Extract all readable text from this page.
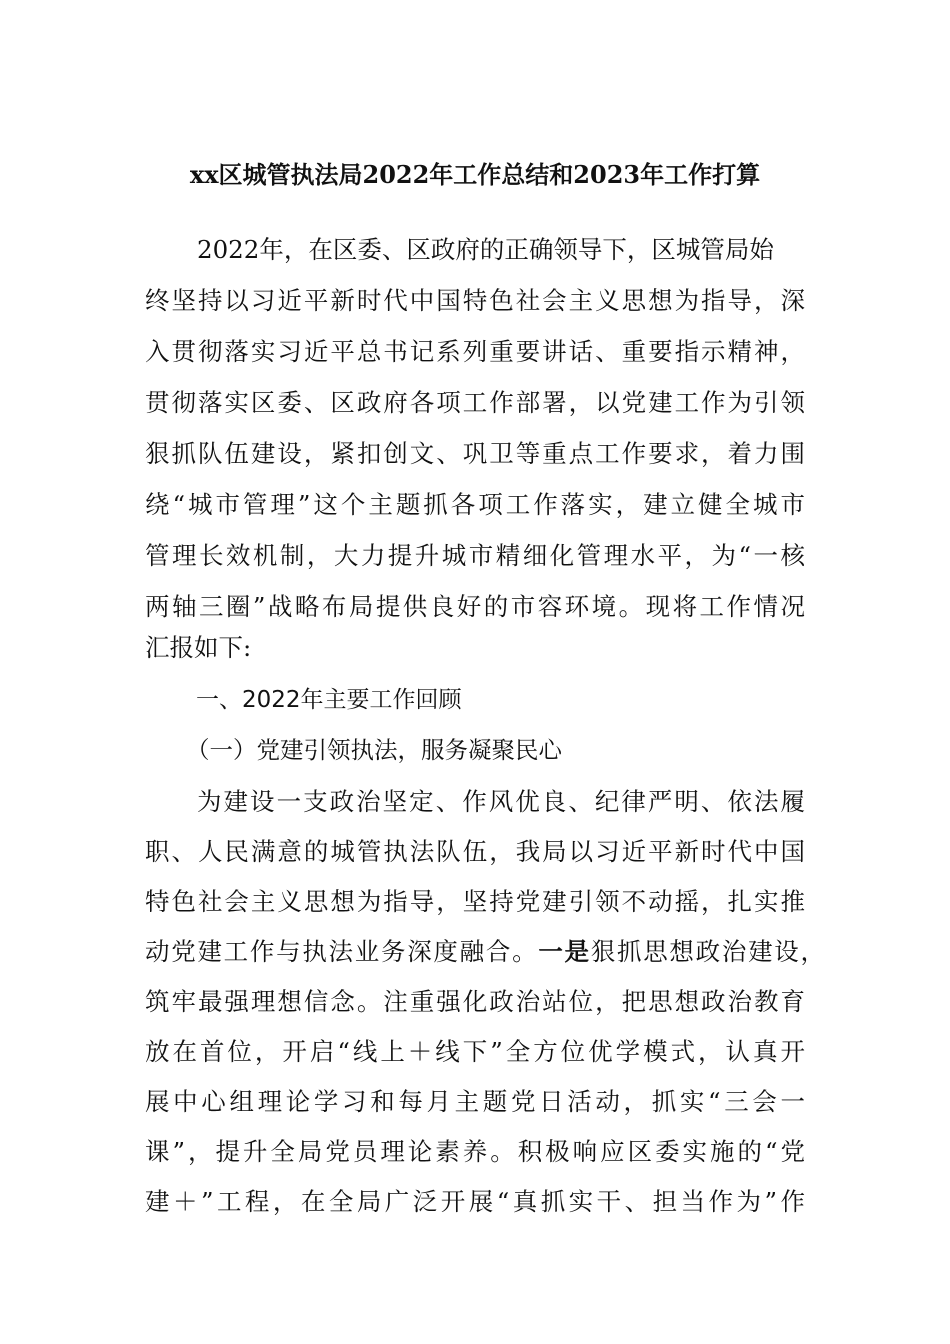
xx区城管执法局2022年工作总结和2023年工作打算
2022年，在区委、区政府的正确领导下，区城管局始
终坚持以习近平新时代中国特色社会主义思想为指导，深
入贯彻落实习近平总书记系列重要讲话、重要指示精神，
贯彻落实区委、区政府各项工作部署，以党建工作为引领
狠抓队伍建设，紧扣创文、巩卫等重点工作要求，着力围
绕“城市管理”这个主题抓各项工作落实，建立健全城市
管理长效机制，大力提升城市精细化管理水平，为“一核
两轴三圈”战略布局提供良好的市容环境。现将工作情况
汇报如下:
一、2022年主要工作回顾
（一）党建引领执法，服务凝聚民心
为建设一支政治坚定、作风优良、纪律严明、依法履
职、人民满意的城管执法队伍，我局以习近平新时代中国
特色社会主义思想为指导，坚持党建引领不动摇，扎实推
动党建工作与执法业务深度融合。一是狠抓思想政治建设，
筑牢最强理想信念。注重强化政治站位，把思想政治教育
放在首位，开启“线上＋线下”全方位优学模式，认真开
展中心组理论学习和每月主题党日活动，抓实“三会一
课”，提升全局党员理论素养。积极响应区委实施的“党
建＋”工程，在全局广泛开展“真抓实干、担当作为”作
